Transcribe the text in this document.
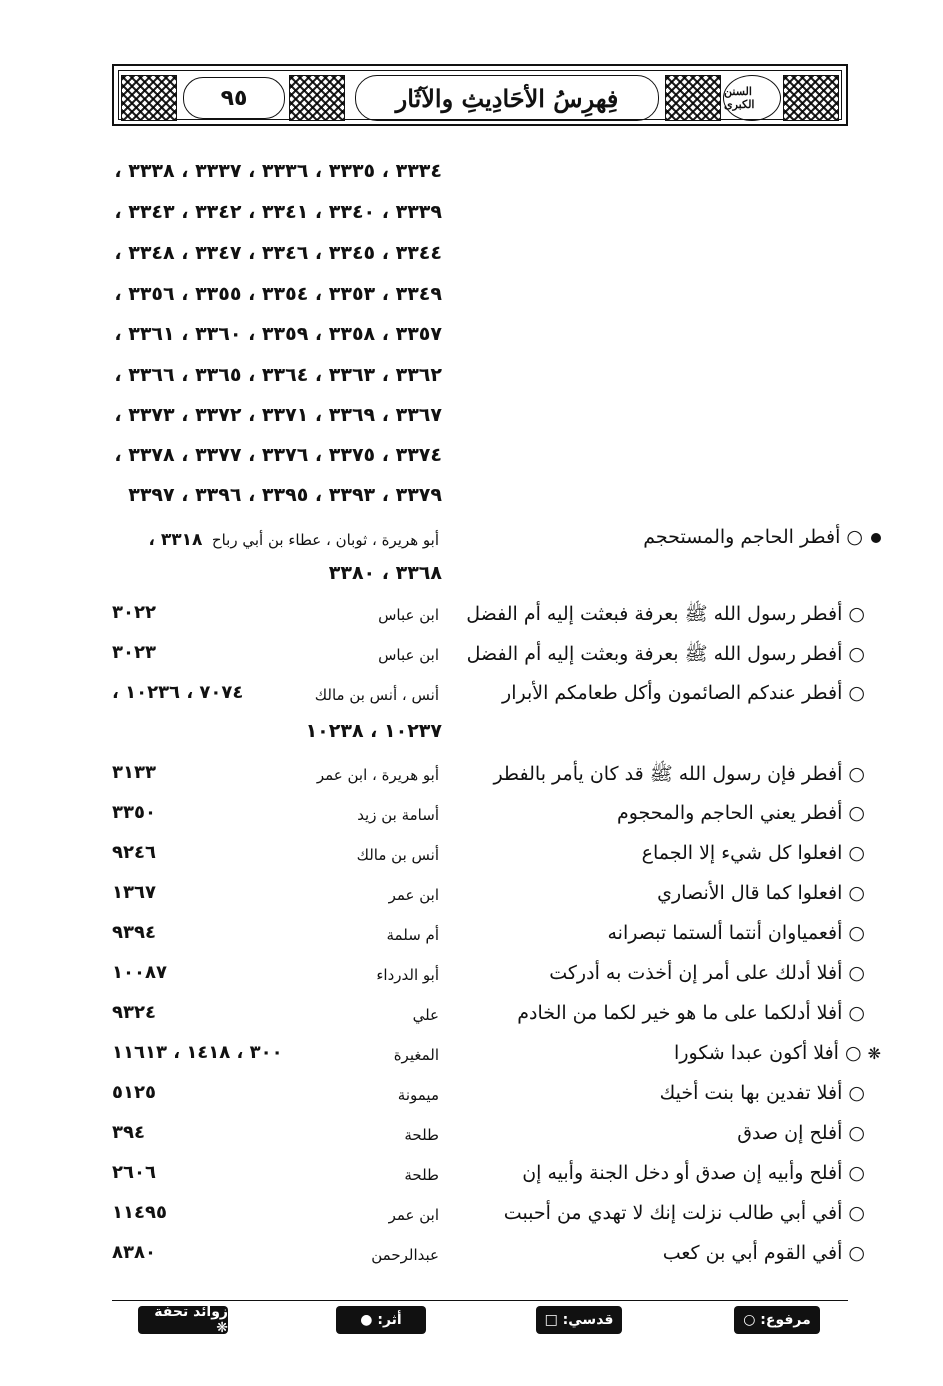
٩٥	فِهرِسُ الأحَادِيثِ والآثَار	السنن الكبرى
٣٣٣٤ ، ٣٣٣٥ ، ٣٣٣٦ ، ٣٣٣٧ ، ٣٣٣٨ ،
٣٣٣٩ ، ٣٣٤٠ ، ٣٣٤١ ، ٣٣٤٢ ، ٣٣٤٣ ،
٣٣٤٤ ، ٣٣٤٥ ، ٣٣٤٦ ، ٣٣٤٧ ، ٣٣٤٨ ،
٣٣٤٩ ، ٣٣٥٣ ، ٣٣٥٤ ، ٣٣٥٥ ، ٣٣٥٦ ،
٣٣٥٧ ، ٣٣٥٨ ، ٣٣٥٩ ، ٣٣٦٠ ، ٣٣٦١ ،
٣٣٦٢ ، ٣٣٦٣ ، ٣٣٦٤ ، ٣٣٦٥ ، ٣٣٦٦ ،
٣٣٦٧ ، ٣٣٦٩ ، ٣٣٧١ ، ٣٣٧٢ ، ٣٣٧٣ ،
٣٣٧٤ ، ٣٣٧٥ ، ٣٣٧٦ ، ٣٣٧٧ ، ٣٣٧٨ ،
٣٣٧٩ ، ٣٣٩٣ ، ٣٣٩٥ ، ٣٣٩٦ ، ٣٣٩٧
○ أفطر الحاجم والمستحجم
أبو هريرة ، ثوبان ، عطاء بن أبي رباح  ٣٣١٨ ،
٣٣٦٨ ، ٣٣٨٠
○ أفطر رسول الله ﷺ بعرفة فبعثت إليه أم الفضل
ابن عباس
٣٠٢٢
○ أفطر رسول الله ﷺ بعرفة وبعثت إليه أم الفضل
ابن عباس
٣٠٢٣
○ أفطر عندكم الصائمون وأكل طعامكم الأبرار
أنس ، أنس بن مالك
٧٠٧٤ ، ١٠٢٣٦ ،
١٠٢٣٧ ، ١٠٢٣٨
○ أفطر فإن رسول الله ﷺ قد كان يأمر بالفطر
أبو هريرة ، ابن عمر
٣١٣٣
○ أفطر يعني الحاجم والمحجوم
أسامة بن زيد
٣٣٥٠
○ افعلوا كل شيء إلا الجماع
أنس بن مالك
٩٢٤٦
○ افعلوا كما قال الأنصاري
ابن عمر
١٣٦٧
○ أفعمياوان أنتما ألستما تبصرانه
أم سلمة
٩٣٩٤
○ أفلا أدلك على أمر إن أخذت به أدركت
أبو الدرداء
١٠٠٨٧
○ أفلا أدلكما على ما هو خير لكما من الخادم
علي
٩٣٢٤
❋○ أفلا أكون عبدا شكورا
المغيرة
٣٠٠ ، ١٤١٨ ، ١١٦١٣
○ أفلا تفدين بها بنت أخيك
ميمونة
٥١٢٥
○ أفلح إن صدق
طلحة
٣٩٤
○ أفلح وأبيه إن صدق أو دخل الجنة وأبيه إن
طلحة
٢٦٠٦
○ أفي أبي طالب نزلت إنك لا تهدي من أحببت
ابن عمر
١١٤٩٥
○ أفي القوم أبي بن كعب
عبدالرحمن
٨٣٨٠
مرفوع: ○
قدسي: □
أثر: ●
زوائد تحفة ❋
